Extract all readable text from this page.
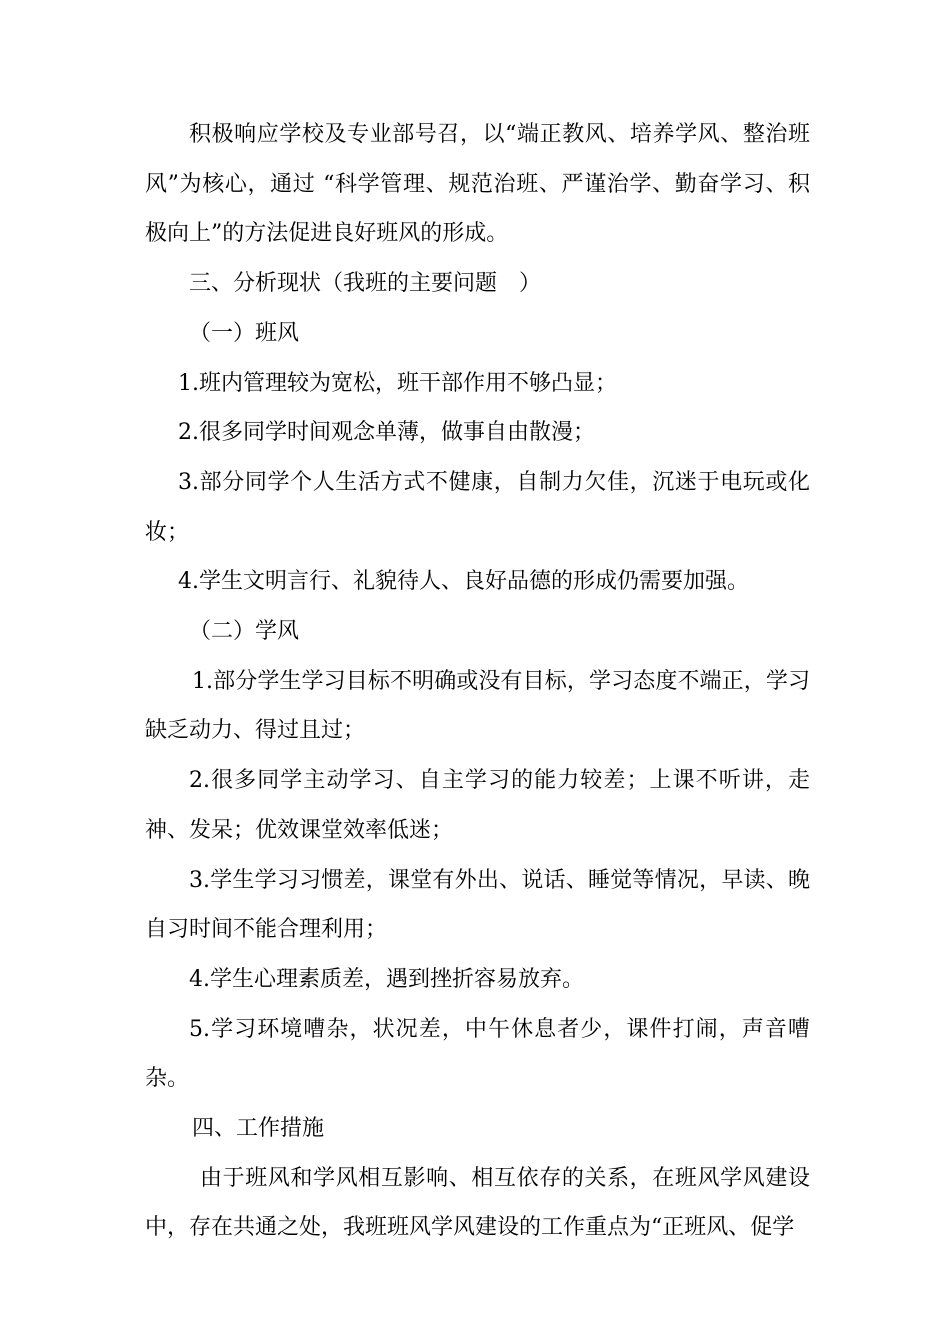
积极响应学校及专业部号召，以“端正教风、培养学风、整治班风”为核心，通过 “科学管理、规范治班、严谨治学、勤奋学习、积极向上”的方法促进良好班风的形成。

三、分析现状（我班的主要问题　）

（一）班风

1.班内管理较为宽松，班干部作用不够凸显；

2.很多同学时间观念单薄，做事自由散漫；

3.部分同学个人生活方式不健康，自制力欠佳，沉迷于电玩或化妆；

4.学生文明言行、礼貌待人、良好品德的形成仍需要加强。

（二）学风

1.部分学生学习目标不明确或没有目标，学习态度不端正，学习缺乏动力、得过且过；

2.很多同学主动学习、自主学习的能力较差；上课不听讲，走神、发呆；优效课堂效率低迷；

3.学生学习习惯差，课堂有外出、说话、睡觉等情况，早读、晚自习时间不能合理利用；

4.学生心理素质差，遇到挫折容易放弃。

5.学习环境嘈杂，状况差，中午休息者少，课件打闹，声音嘈杂。

四、工作措施

由于班风和学风相互影响、相互依存的关系，在班风学风建设中，存在共通之处，我班班风学风建设的工作重点为“正班风、促学
